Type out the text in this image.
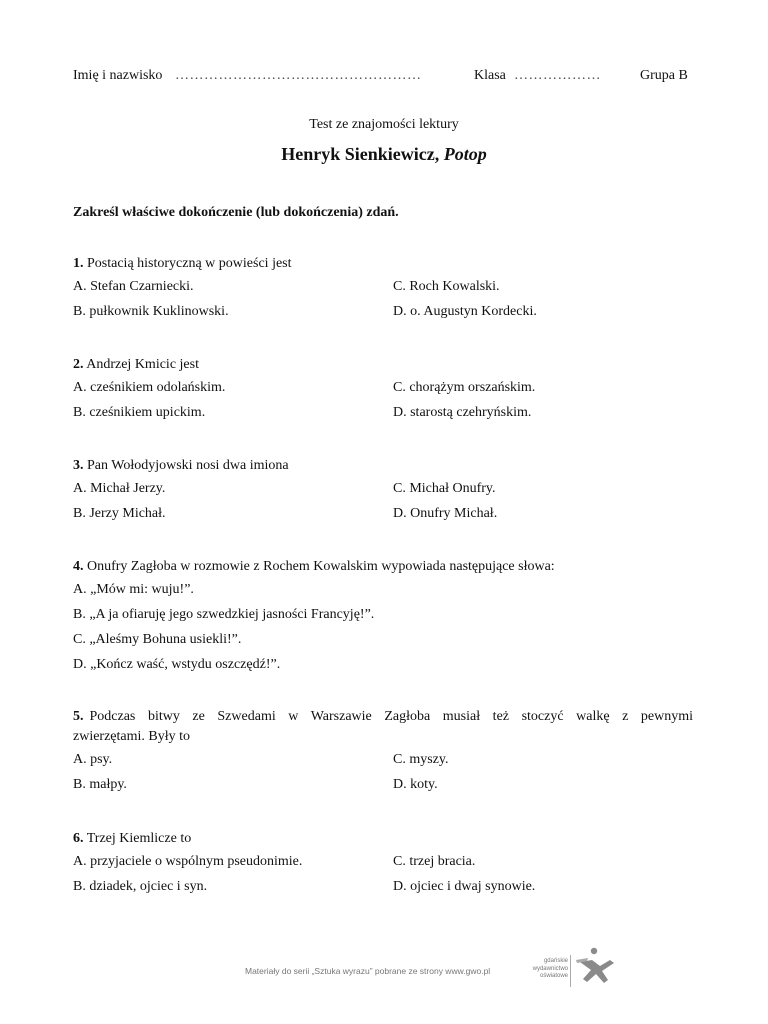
Imię i nazwisko ……………………………………………	Klasa ………………	Grupa B
Test ze znajomości lektury
Henryk Sienkiewicz, Potop
Zakreśl właściwe dokończenie (lub dokończenia) zdań.
1. Postacią historyczną w powieści jest
A. Stefan Czarniecki.	C. Roch Kowalski.
B. pułkownik Kuklinowski.	D. o. Augustyn Kordecki.
2. Andrzej Kmicic jest
A. cześnikiem odolańskim.	C. chorążym orszańskim.
B. cześnikiem upickim.	D. starostą czehryńskim.
3. Pan Wołodyjowski nosi dwa imiona
A. Michał Jerzy.	C. Michał Onufry.
B. Jerzy Michał.	D. Onufry Michał.
4. Onufry Zagłoba w rozmowie z Rochem Kowalskim wypowiada następujące słowa:
A. „Mów mi: wuju!”.
B. „A ja ofiaruję jego szwedzkiej jasności Francyję!”.
C. „Aleśmy Bohuna usiekli!”.
D. „Kończ waść, wstydu oszczędź!”.
5. Podczas bitwy ze Szwedami w Warszawie Zagłoba musiał też stoczyć walkę z pewnymi
zwierzętami. Były to
A. psy.	C. myszy.
B. małpy.	D. koty.
6. Trzej Kiemlicze to
A. przyjaciele o wspólnym pseudonimie.	C. trzej bracia.
B. dziadek, ojciec i syn.	D. ojciec i dwaj synowie.
Materiały do serii „Sztuka wyrazu” pobrane ze strony www.gwo.pl
gdańskie
wydawnictwo
oświatowe
